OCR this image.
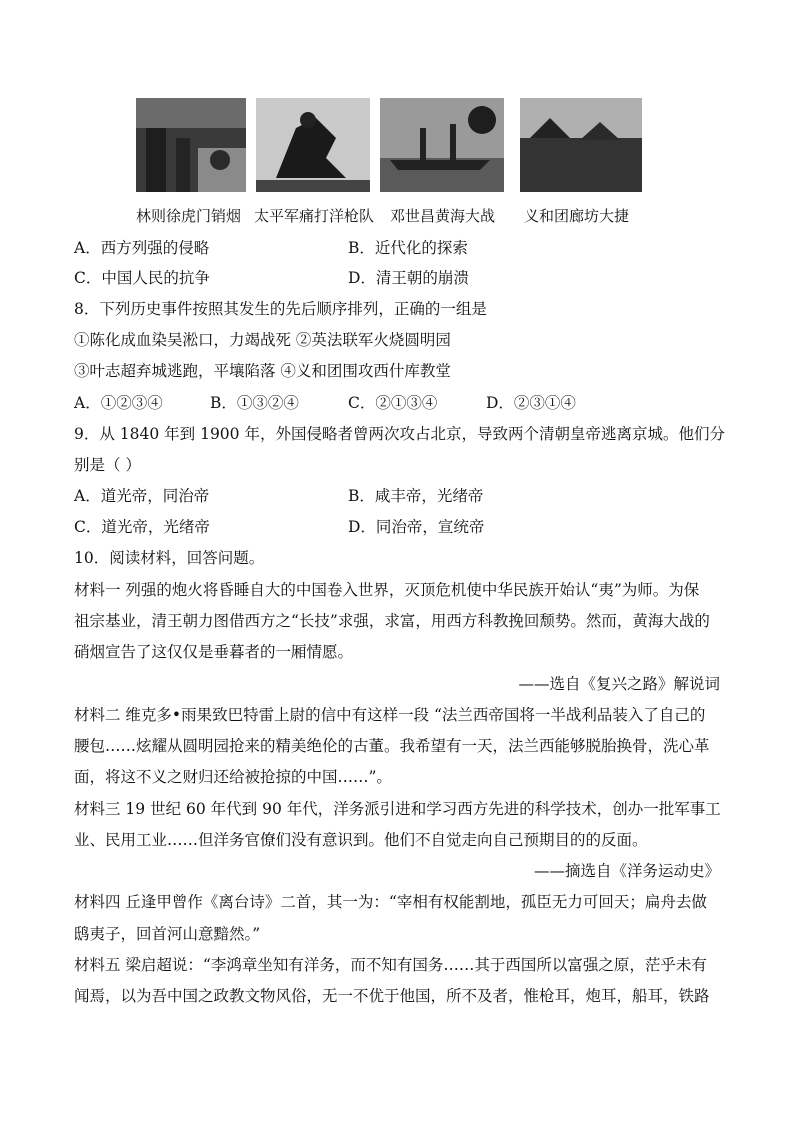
林则徐虎门销烟 太平军痛打洋枪队 邓世昌黄海大战 义和团廊坊大捷
A．西方列强的侵略	B．近代化的探索
C．中国人民的抗争	D．清王朝的崩溃
8．下列历史事件按照其发生的先后顺序排列，正确的一组是
①陈化成血染吴淞口，力竭战死 ②英法联军火烧圆明园
③叶志超弃城逃跑，平壤陷落 ④义和团围攻西什库教堂
A．①②③④	B．①③②④	C．②①③④	D．②③①④
9．从 1840 年到 1900 年，外国侵略者曾两次攻占北京，导致两个清朝皇帝逃离京城。他们分
别是（ ）
A．道光帝，同治帝	B．咸丰帝，光绪帝
C．道光帝，光绪帝	D．同治帝，宣统帝
10．阅读材料，回答问题。
材料一 列强的炮火将昏睡自大的中国卷入世界，灭顶危机使中华民族开始认“夷”为师。为保
祖宗基业，清王朝力图借西方之“长技”求强，求富，用西方科教挽回颓势。然而，黄海大战的
硝烟宣告了这仅仅是垂暮者的一厢情愿。
——选自《复兴之路》解说词
材料二 维克多•雨果致巴特雷上尉的信中有这样一段 “法兰西帝国将一半战利品装入了自己的
腰包……炫耀从圆明园抢来的精美绝伦的古董。我希望有一天，法兰西能够脱胎换骨，洗心革
面，将这不义之财归还给被抢掠的中国……”。
材料三 19 世纪 60 年代到 90 年代，洋务派引进和学习西方先进的科学技术，创办一批军事工
业、民用工业……但洋务官僚们没有意识到。他们不自觉走向自己预期目的的反面。
——摘选自《洋务运动史》
材料四 丘逢甲曾作《离台诗》二首，其一为：“宰相有权能割地，孤臣无力可回天；扁舟去做
鸱夷子，回首河山意黯然。”
材料五 梁启超说：“李鸿章坐知有洋务，而不知有国务……其于西国所以富强之原，茫乎未有
闻焉，以为吾中国之政教文物风俗，无一不优于他国，所不及者，惟枪耳，炮耳，船耳，铁路
